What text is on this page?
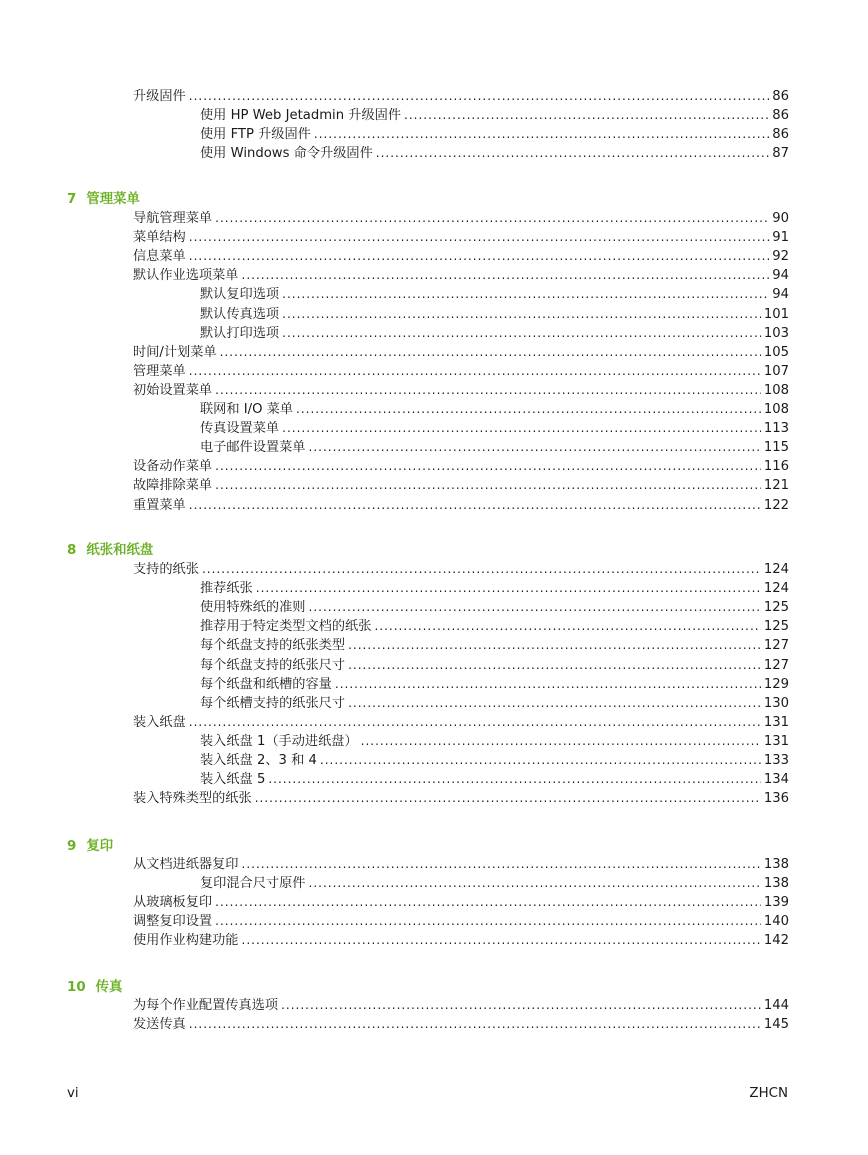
升级固件 .....	86
使用 HP Web Jetadmin 升级固件 .....	86
使用 FTP 升级固件 .....	86
使用 Windows 命令升级固件 .....	87
7 管理菜单
导航管理菜单 .....	90
菜单结构 .....	91
信息菜单 .....	92
默认作业选项菜单 .....	94
默认复印选项 .....	94
默认传真选项 .....	101
默认打印选项 .....	103
时间/计划菜单 .....	105
管理菜单 .....	107
初始设置菜单 .....	108
联网和 I/O 菜单 .....	108
传真设置菜单 .....	113
电子邮件设置菜单 .....	115
设备动作菜单 .....	116
故障排除菜单 .....	121
重置菜单 .....	122
8 纸张和纸盘
支持的纸张 .....	124
推荐纸张 .....	124
使用特殊纸的准则 .....	125
推荐用于特定类型文档的纸张 .....	125
每个纸盘支持的纸张类型 .....	127
每个纸盘支持的纸张尺寸 .....	127
每个纸盘和纸槽的容量 .....	129
每个纸槽支持的纸张尺寸 .....	130
装入纸盘 .....	131
装入纸盘 1（手动进纸盘） .....	131
装入纸盘 2、3 和 4 .....	133
装入纸盘 5 .....	134
装入特殊类型的纸张 .....	136
9 复印
从文档进纸器复印 .....	138
复印混合尺寸原件 .....	138
从玻璃板复印 .....	139
调整复印设置 .....	140
使用作业构建功能 .....	142
10 传真
为每个作业配置传真选项 .....	144
发送传真 .....	145
vi	ZHCN
